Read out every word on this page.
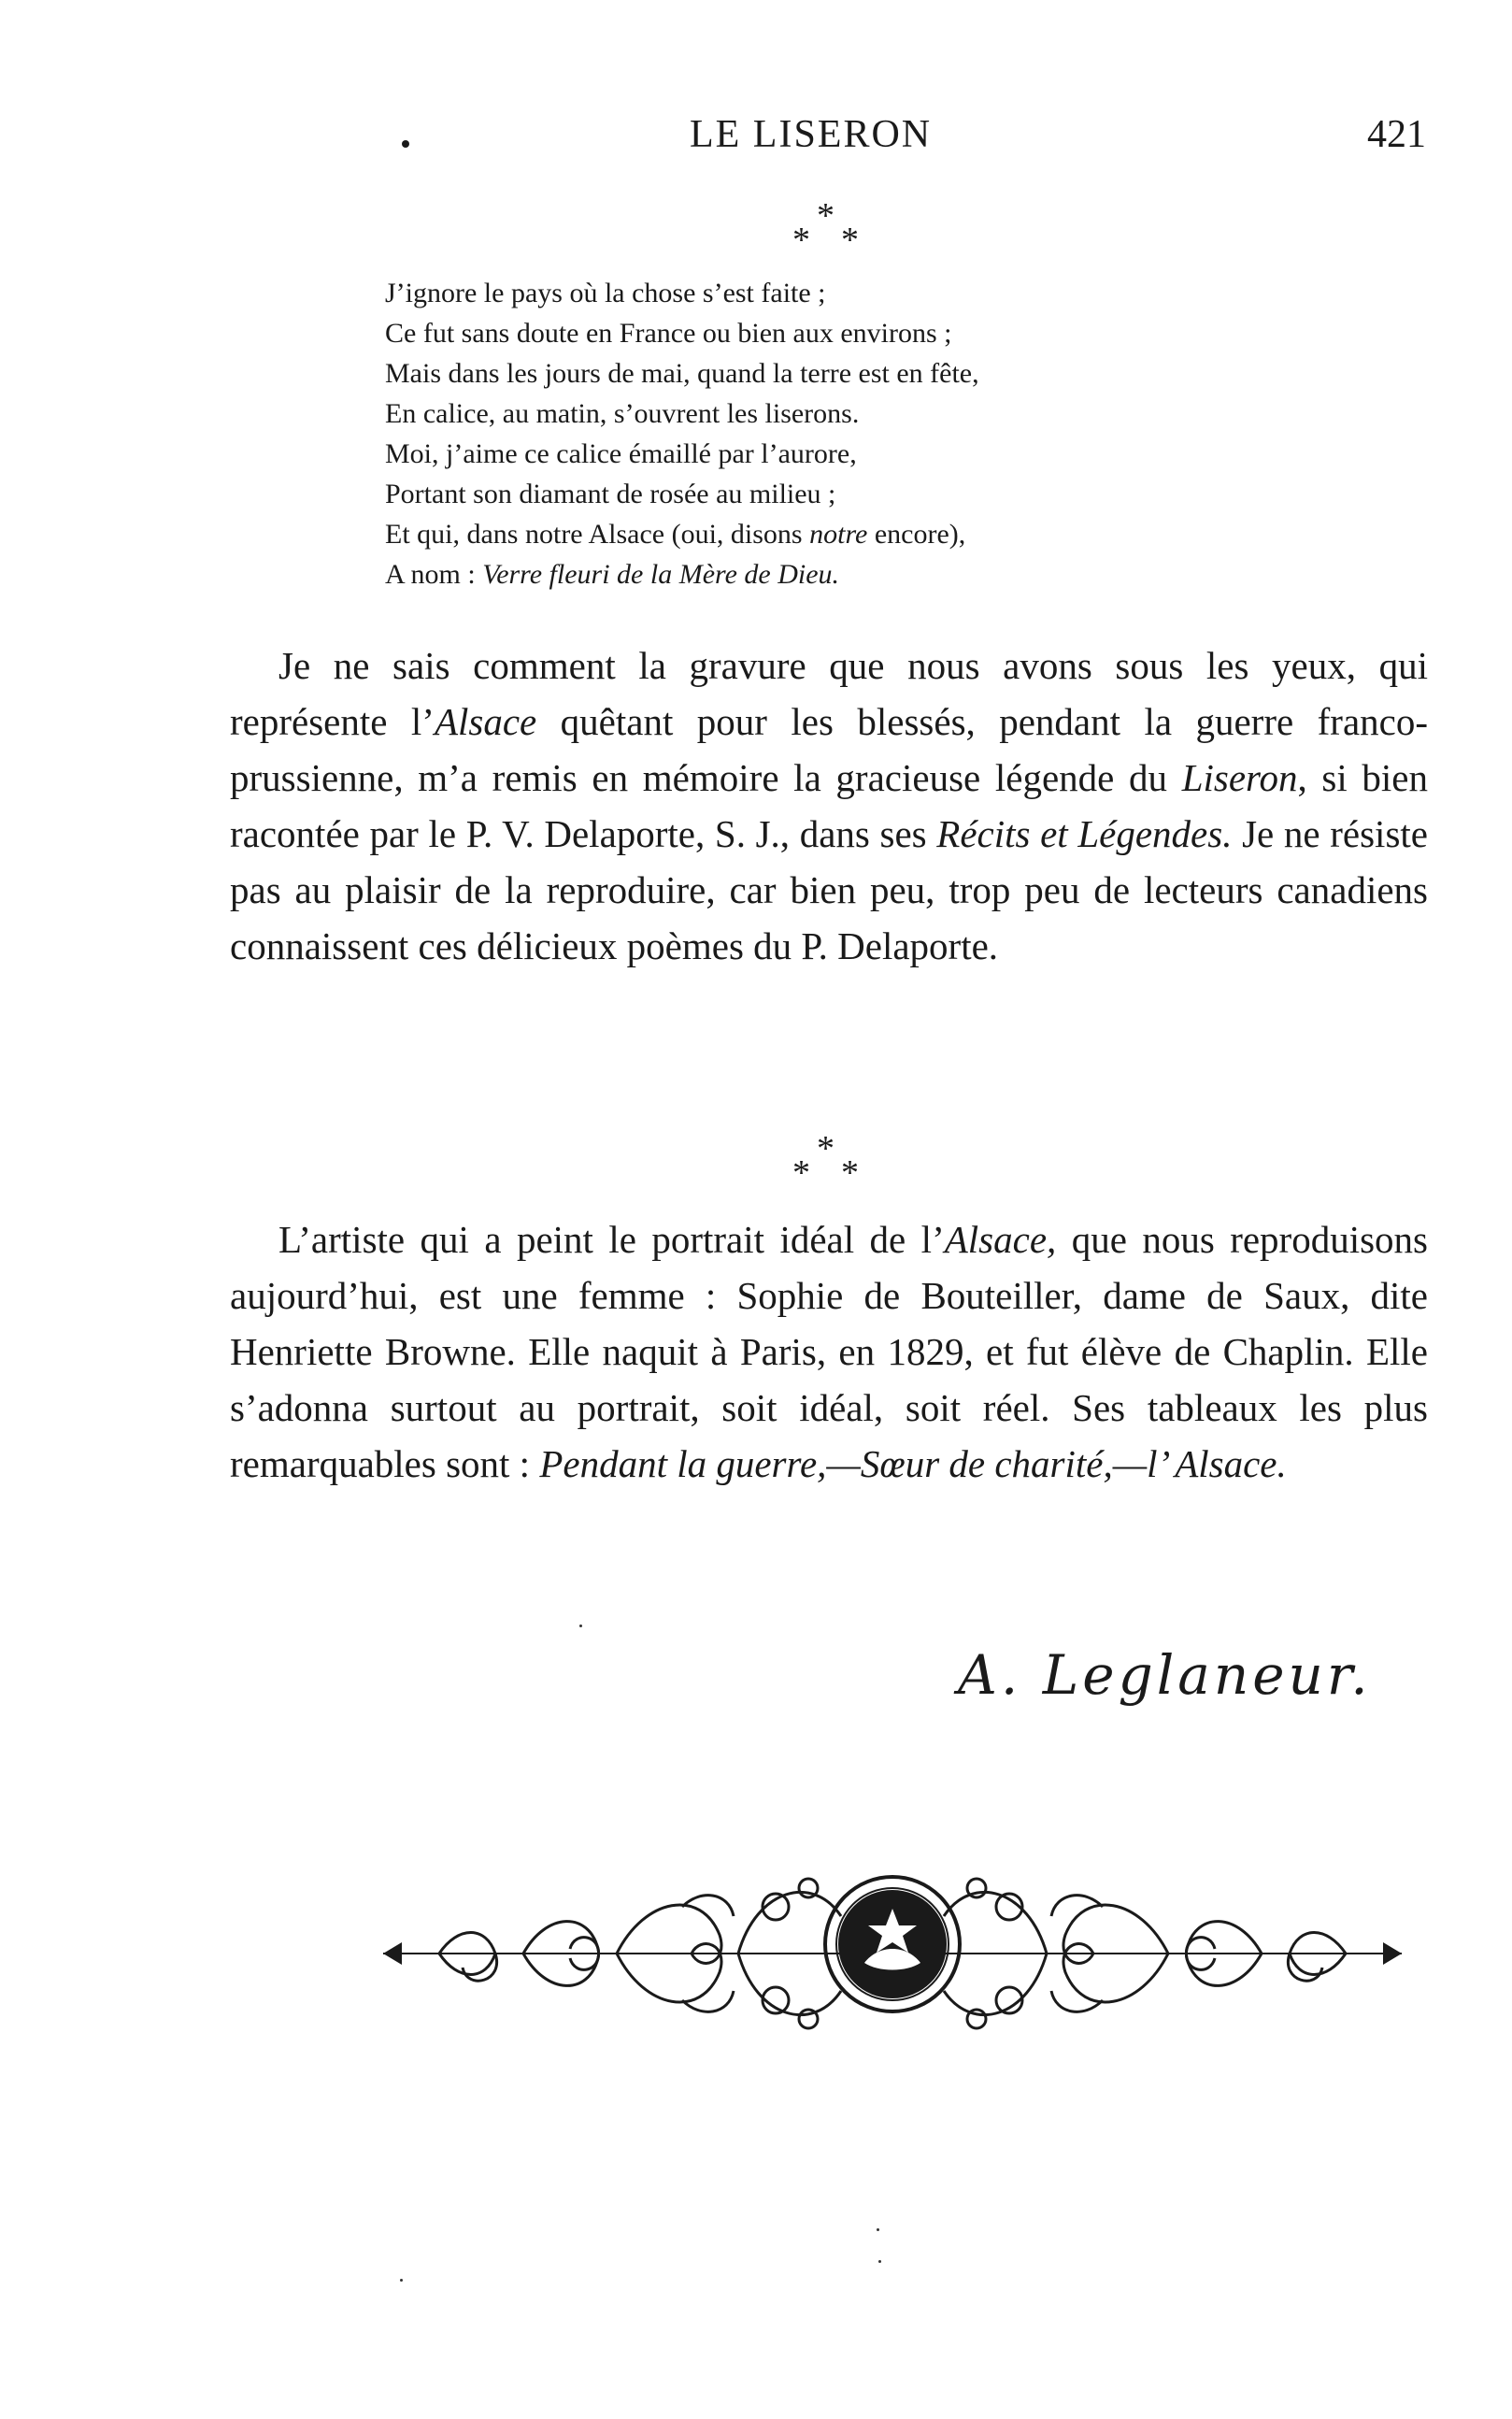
LE LISERON	421
*
* *
J’ignore le pays où la chose s’est faite ;
Ce fut sans doute en France ou bien aux environs ;
Mais dans les jours de mai, quand la terre est en fête,
En calice, au matin, s’ouvrent les liserons.
Moi, j’aime ce calice émaillé par l’aurore,
Portant son diamant de rosée au milieu ;
Et qui, dans notre Alsace (oui, disons notre encore),
A nom : Verre fleuri de la Mère de Dieu.

Je ne sais comment la gravure que nous avons sous les yeux, qui représente l’Alsace quêtant pour les blessés, pendant la guerre franco-prussienne, m’a remis en mémoire la gracieuse légende du Liseron, si bien racontée par le P. V. Delaporte, S. J., dans ses Récits et Légendes. Je ne résiste pas au plaisir de la reproduire, car bien peu, trop peu de lecteurs canadiens connaissent ces délicieux poèmes du P. Delaporte.

*
* *

L’artiste qui a peint le portrait idéal de l’Alsace, que nous reproduisons aujourd’hui, est une femme : Sophie de Bouteiller, dame de Saux, dite Henriette Browne. Elle naquit à Paris, en 1829, et fut élève de Chaplin. Elle s’adonna surtout au portrait, soit idéal, soit réel. Ses tableaux les plus remarquables sont : Pendant la guerre,—Sœur de charité,—l’ Alsace.

A. Leglaneur.
